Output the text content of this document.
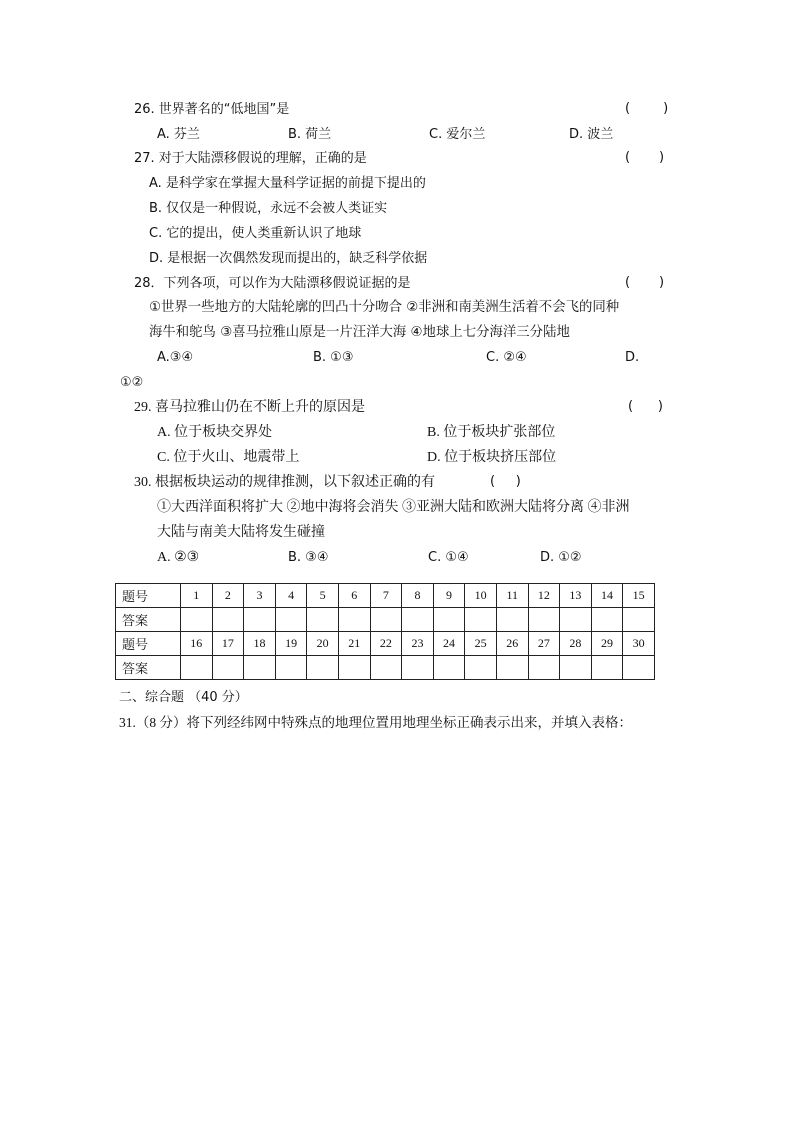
26. 世界著名的“低地国”是	(        )
A. 芬兰	B. 荷兰	C. 爱尔兰	D. 波兰
27. 对于大陆漂移假说的理解，正确的是	(       )
A. 是科学家在掌握大量科学证据的前提下提出的
B. 仅仅是一种假说，永远不会被人类证实
C. 它的提出，使人类重新认识了地球
D. 是根据一次偶然发现而提出的，缺乏科学依据
28．下列各项，可以作为大陆漂移假说证据的是	(       )
①世界一些地方的大陆轮廓的凹凸十分吻合 ②非洲和南美洲生活着不会飞的同种
海牛和鸵鸟 ③喜马拉雅山原是一片汪洋大海 ④地球上七分海洋三分陆地
A.③④	B. ①③	C. ②④	D.
①②
29. 喜马拉雅山仍在不断上升的原因是	(      )
A. 位于板块交界处	B. 位于板块扩张部位
C. 位于火山、地震带上	D. 位于板块挤压部位
30. 根据板块运动的规律推测，以下叙述正确的有	(     )
①大西洋面积将扩大 ②地中海将会消失 ③亚洲大陆和欧洲大陆将分离 ④非洲
大陆与南美大陆将发生碰撞
A. ②③	B. ③④	C. ①④	D. ①②
题号	1	2	3	4	5	6	7	8	9	10	11	12	13	14	15
答案															
题号	16	17	18	19	20	21	22	23	24	25	26	27	28	29	30
答案															
二、综合题 （40 分）
31.（8 分）将下列经纬网中特殊点的地理位置用地理坐标正确表示出来，并填入表格：
